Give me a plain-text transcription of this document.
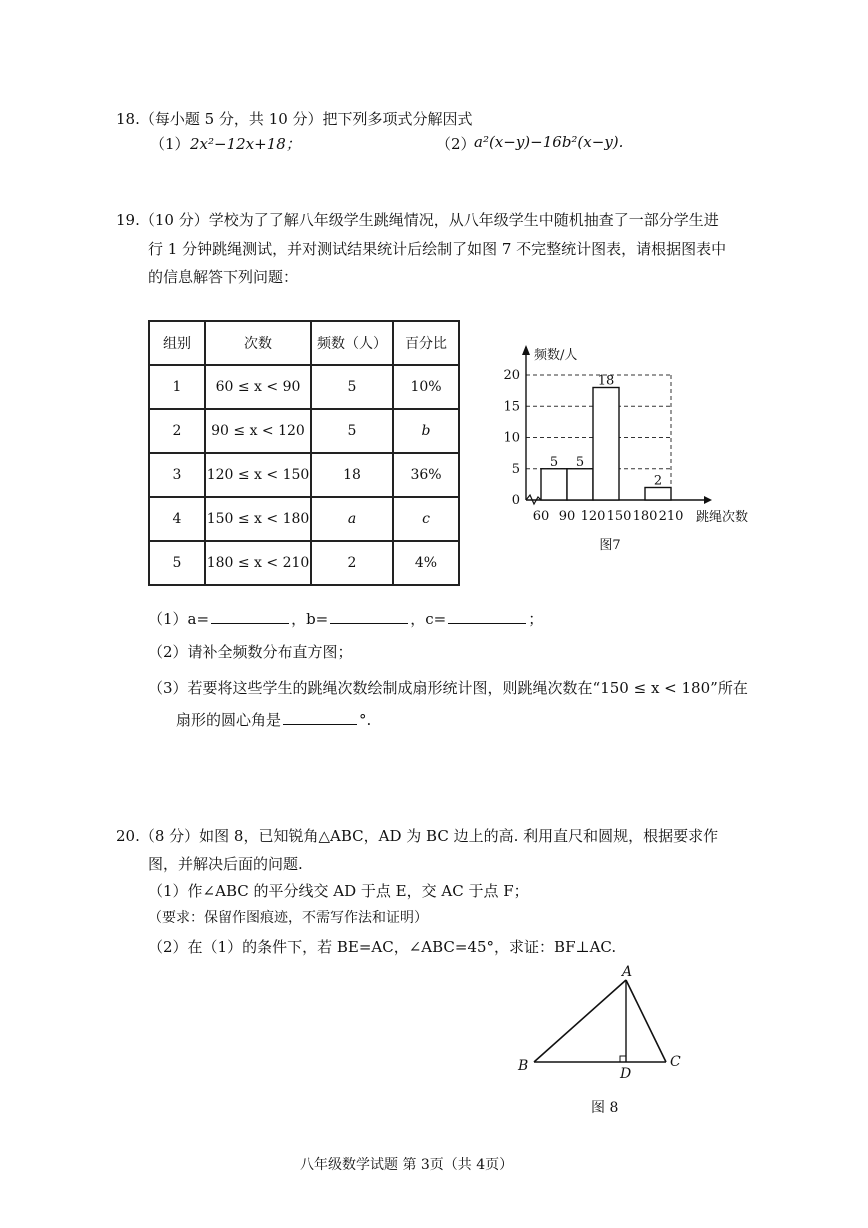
18.（每小题 5 分，共 10 分）把下列多项式分解因式
（1） 2x²−12x+18；	（2）
a²(x−y)−16b²(x−y).
19.（10 分）学校为了了解八年级学生跳绳情况，从八年级学生中随机抽查了一部分学生进
行 1 分钟跳绳测试，并对测试结果统计后绘制了如图 7 不完整统计图表，请根据图表中
的信息解答下列问题：
组别	次数	频数（人）	百分比
1	60 ≤ x < 90	5	10%
2	90 ≤ x < 120	5	b
3	120 ≤ x < 150	18	36%
4	150 ≤ x < 180	a	c
5	180 ≤ x < 210	2	4%
5 5
18
2
0
5
10
15
20
60 90 120 150 180 210
频数/人
跳绳次数
图7
（1）a=	，b=	，c=	；
（2）请补全频数分布直方图；
（3）若要将这些学生的跳绳次数绘制成扇形统计图，则跳绳次数在“150 ≤ x < 180”所在
扇形的圆心角是	°.
20.（8 分）如图 8，已知锐角△ABC，AD 为 BC 边上的高. 利用直尺和圆规，根据要求作
图，并解决后面的问题.
（1）作∠ABC 的平分线交 AD 于点 E，交 AC 于点 F；
（要求：保留作图痕迹，不需写作法和证明）
（2）在（1）的条件下，若 BE=AC，∠ABC=45°，求证：BF⊥AC.
A
B	C
D
图 8
八年级数学试题 第 3页（共 4页）
